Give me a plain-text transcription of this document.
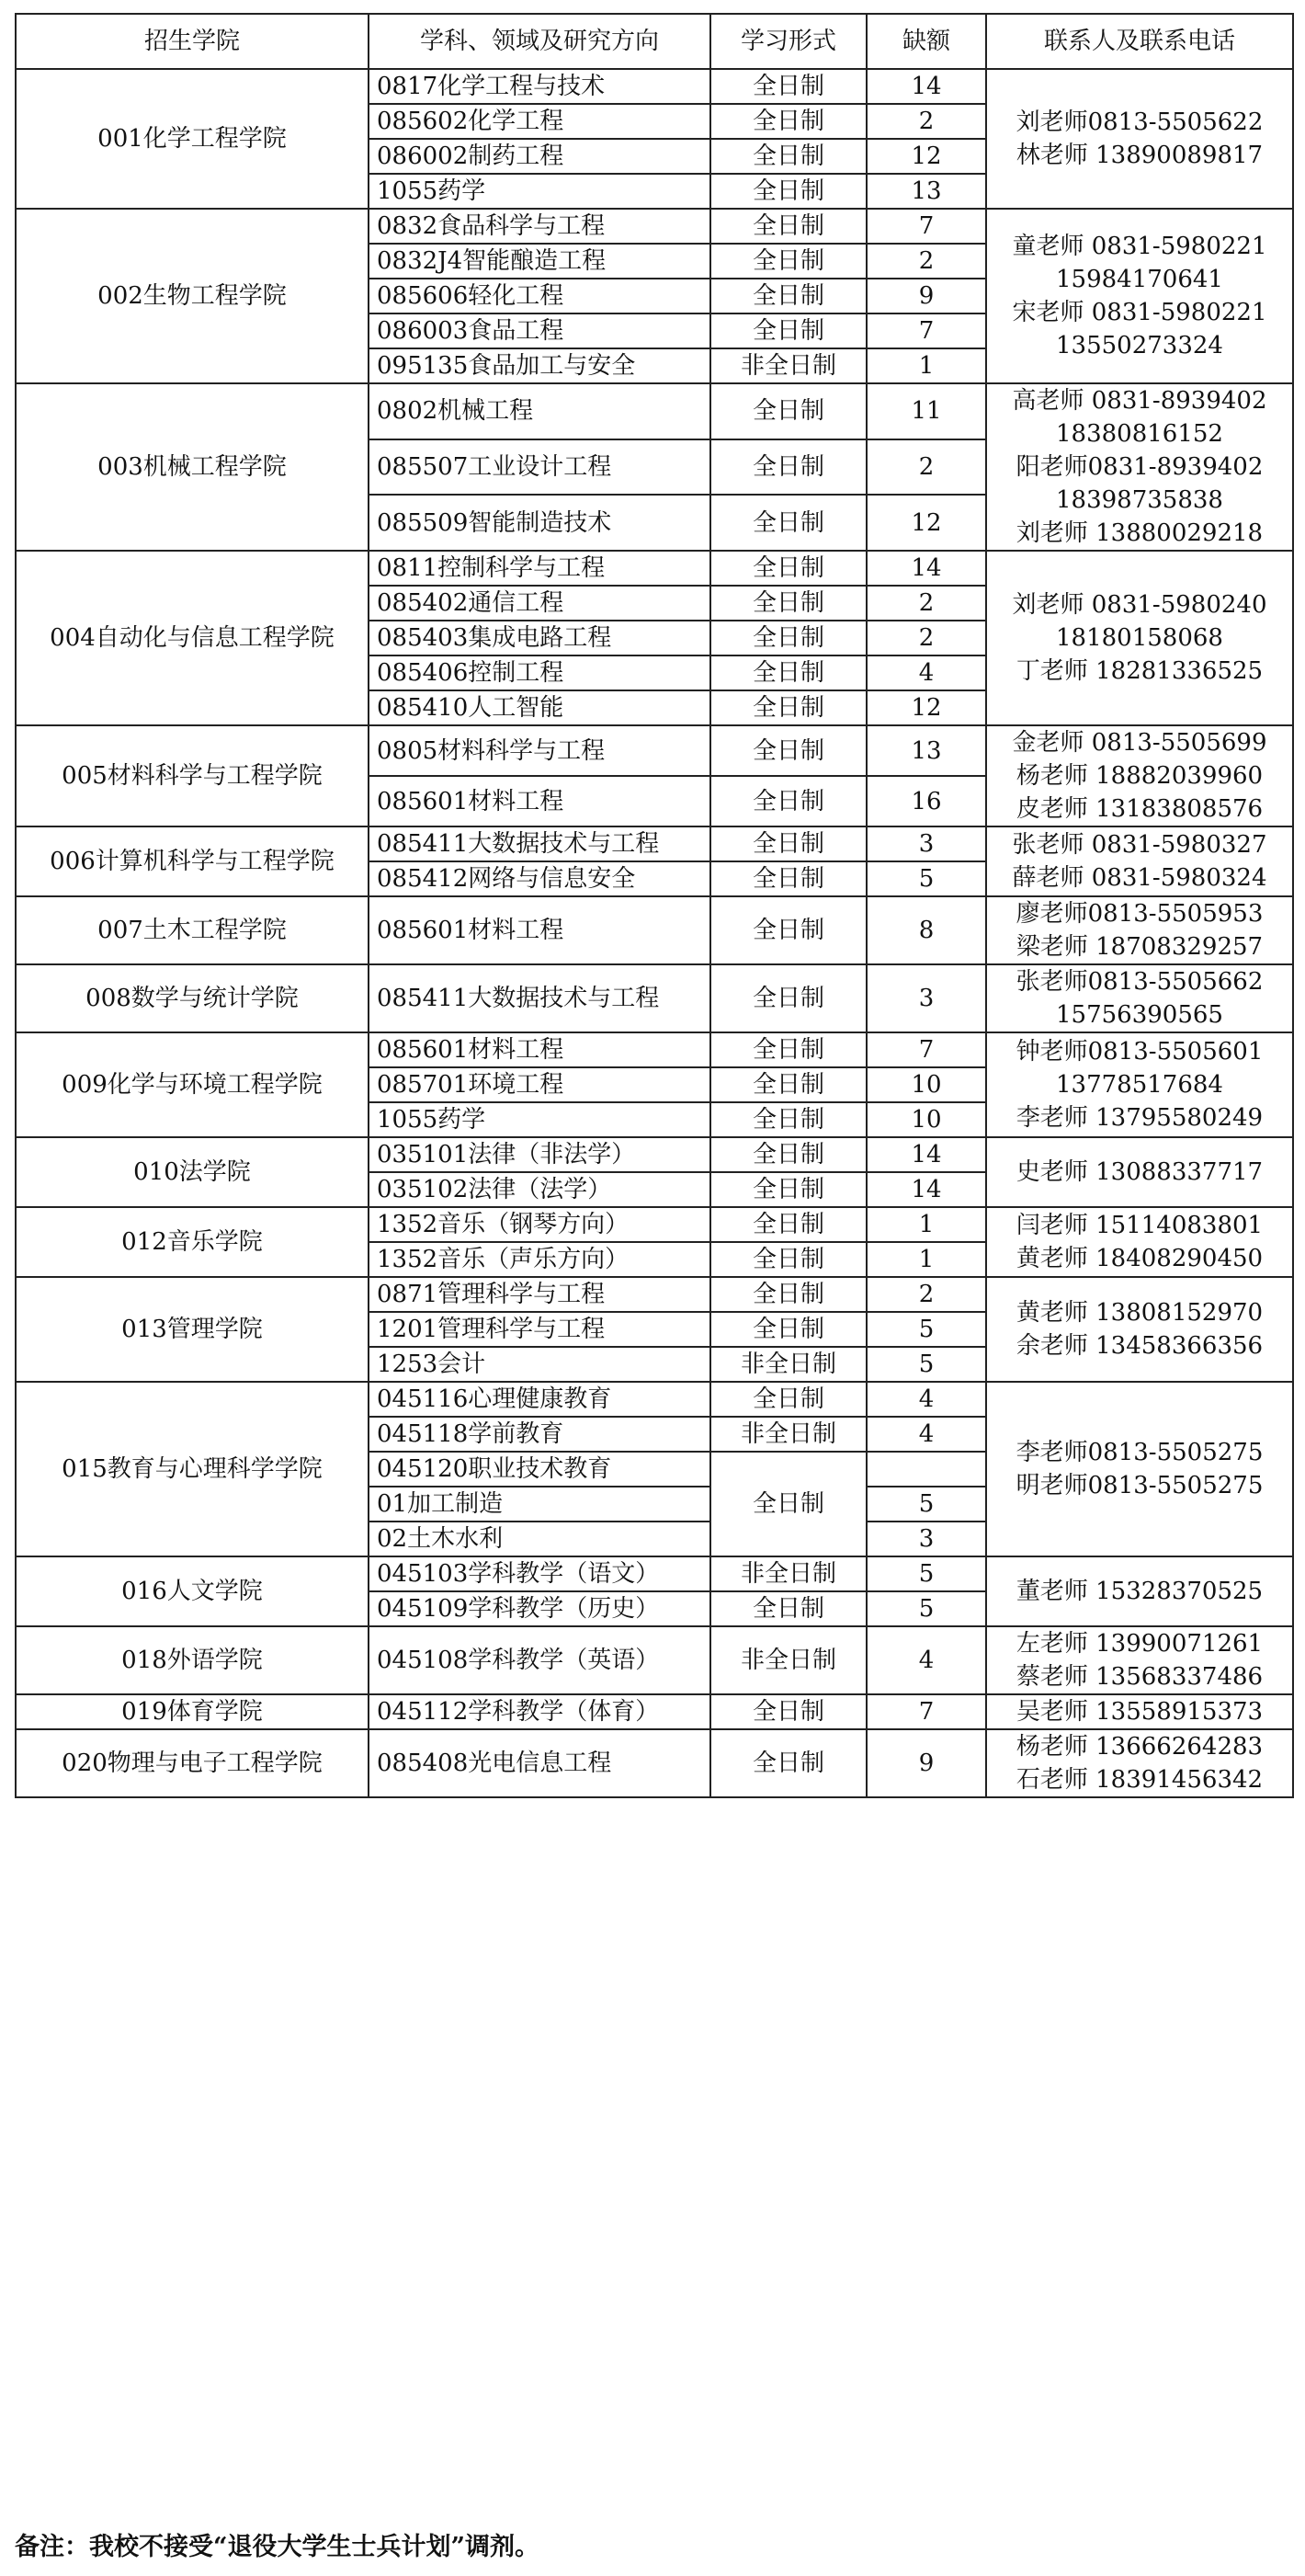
招生学院	学科、领域及研究方向	学习形式	缺额	联系人及联系电话
001化学工程学院	0817化学工程与技术	全日制	14	刘老师0813-5505622
林老师 13890089817

	085602化学工程	全日制	2	
	086002制药工程	全日制	12	
	1055药学	全日制	13	
002生物工程学院	0832食品科学与工程	全日制	7	童老师 0831-5980221
15984170641
宋老师 0831-5980221
13550273324

	0832J4智能酿造工程	全日制	2	
	085606轻化工程	全日制	9	
	086003食品工程	全日制	7	
	095135食品加工与安全	非全日制	1	
003机械工程学院	0802机械工程	全日制	11	高老师 0831-8939402
18380816152
阳老师0831-8939402
18398735838
刘老师 13880029218

	085507工业设计工程	全日制	2	
	085509智能制造技术	全日制	12	
004自动化与信息工程学院	0811控制科学与工程	全日制	14	刘老师 0831-5980240
18180158068
丁老师 18281336525

	085402通信工程	全日制	2	
	085403集成电路工程	全日制	2	
	085406控制工程	全日制	4	
	085410人工智能	全日制	12	
005材料科学与工程学院	0805材料科学与工程	全日制	13	金老师 0813-5505699
杨老师 18882039960
皮老师 13183808576

	085601材料工程	全日制	16	
006计算机科学与工程学院	085411大数据技术与工程	全日制	3	张老师 0831-5980327
薛老师 0831-5980324

	085412网络与信息安全	全日制	5	
007土木工程学院	085601材料工程	全日制	8	廖老师0813-5505953
梁老师 18708329257

008数学与统计学院	085411大数据技术与工程	全日制	3	张老师0813-5505662
15756390565

009化学与环境工程学院	085601材料工程	全日制	7	钟老师0813-5505601
13778517684
李老师 13795580249

	085701环境工程	全日制	10	
	1055药学	全日制	10	
010法学院	035101法律（非法学）	全日制	14	史老师 13088337717

	035102法律（法学）	全日制	14	
012音乐学院	1352音乐（钢琴方向）	全日制	1	闫老师 15114083801
黄老师 18408290450

	1352音乐（声乐方向）	全日制	1	
013管理学院	0871管理科学与工程	全日制	2	黄老师 13808152970
余老师 13458366356

	1201管理科学与工程	全日制	5	
	1253会计	非全日制	5	
015教育与心理科学学院	045116心理健康教育	全日制	4	李老师0813-5505275
明老师0813-5505275

	045118学前教育	非全日制	4	
	045120职业技术教育	全日制		
	01加工制造		5	
	02土木水利		3	
016人文学院	045103学科教学（语文）	非全日制	5	董老师 15328370525

	045109学科教学（历史）	全日制	5	
018外语学院	045108学科教学（英语）	非全日制	4	左老师 13990071261
蔡老师 13568337486

019体育学院	045112学科教学（体育）	全日制	7	吴老师 13558915373

020物理与电子工程学院	085408光电信息工程	全日制	9	杨老师 13666264283
石老师 18391456342
备注：我校不接受“退役大学生士兵计划”调剂。
